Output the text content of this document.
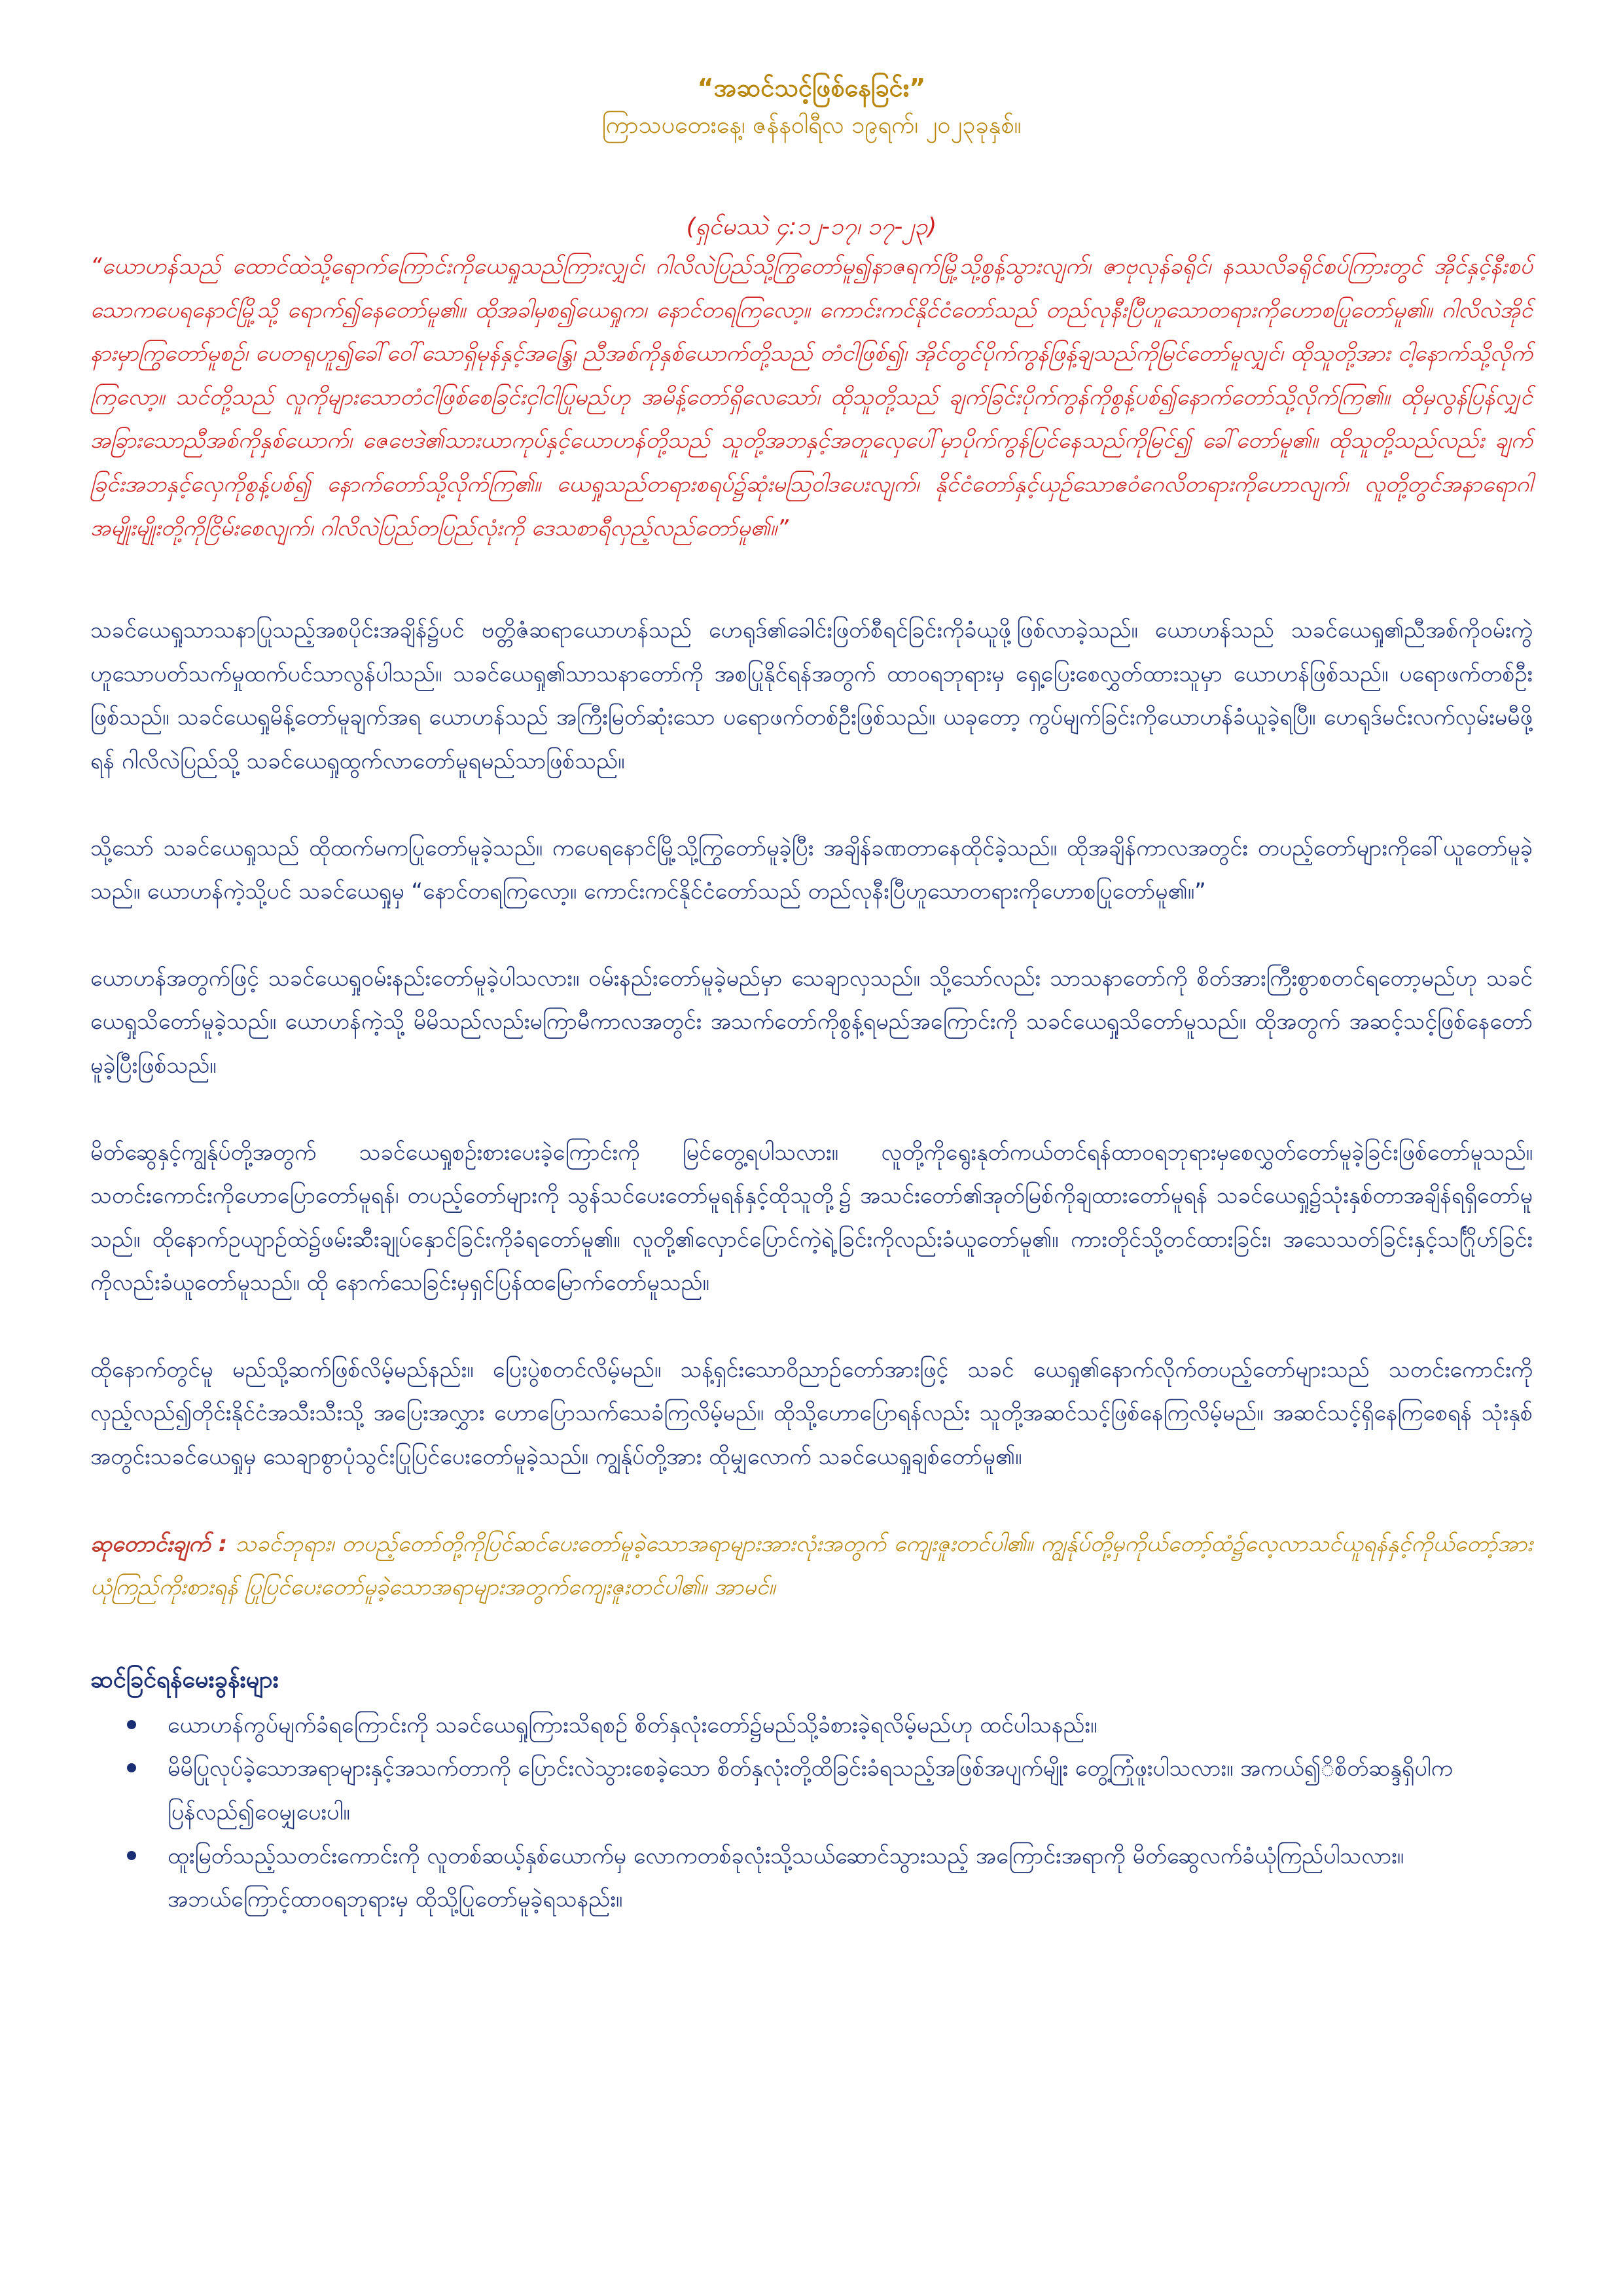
“အဆင်သင့်ဖြစ်နေခြင်း”
ကြာသပတေးနေ့၊ ဇန်နဝါရီလ ၁၉ရက်၊ ၂၀၂၃ခုနှစ်။
(ရှင်မဿဲ ၄:၁၂-၁၇၊ ၁၇-၂၃)

“ယောဟန်သည် ထောင်ထဲသို့ရောက်ကြောင်းကိုယေရှုသည်ကြားလျှင်၊ ဂါလိလဲပြည်သို့ကြွတော်မူ၍နာဇရက်မြို့သို့စွန့်သွားလျက်၊ ဇာဗုလုန်ခရိုင်၊ နဿလိခရိုင်စပ်ကြားတွင် အိုင်နှင့်နီးစပ်သောကပေရနောင်မြို့သို့ ရောက်၍နေတော်မူ၏။ ထိုအခါမှစ၍ယေရှုက၊ နောင်တရကြလော့။ ကောင်းကင်နိုင်ငံတော်သည် တည်လုနီးပြီဟူသောတရားကိုဟောစပြုတော်မူ၏။ ဂါလိလဲအိုင်နားမှာကြွတော်မူစဉ်၊ ပေတရုဟူ၍ခေါ်ဝေါ်သောရှိမုန်နှင့်အန္ဒြေ၊ ညီအစ်ကိုနှစ်ယောက်တို့သည် တံငါဖြစ်၍၊ အိုင်တွင်ပိုက်ကွန်ဖြန့်ချသည်ကိုမြင်တော်မူလျှင်၊ ထိုသူတို့အား ငါ့နောက်သို့လိုက်ကြလော့။ သင်တို့သည် လူကိုများသောတံငါဖြစ်စေခြင်းငှါငါပြုမည်ဟု အမိန့်တော်ရှိလေသော်၊ ထိုသူတို့သည် ချက်ခြင်းပိုက်ကွန်ကိုစွန့်ပစ်၍နောက်တော်သို့လိုက်ကြ၏။ ထိုမှလွန်ပြန်လျှင်အခြားသောညီအစ်ကိုနှစ်ယောက်၊ ဇေဗေဒဲ၏သားယာကုပ်နှင့်ယောဟန်တို့သည် သူတို့အဘနှင့်အတူလှေပေါ်မှာပိုက်ကွန်ပြင်နေသည်ကိုမြင်၍ ခေါ်တော်မူ၏။ ထိုသူတို့သည်လည်း ချက်ခြင်းအဘနှင့်လှေကိုစွန့်ပစ်၍ နောက်တော်သို့လိုက်ကြ၏။ ယေရှုသည်တရားစရပ်၌ဆုံးမဩဝါဒပေးလျက်၊ နိုင်ငံတော်နှင့်ယှဉ်သောဧဝံဂေလိတရားကိုဟောလျက်၊ လူတို့တွင်အနာရောဂါအမျိုးမျိုးတို့ကိုငြိမ်းစေလျက်၊ ဂါလိလဲပြည်တပြည်လုံးကို ဒေသစာရီလှည့်လည်တော်မူ၏။”

သခင်ယေရှုသာသနာပြုသည့်အစပိုင်းအချိန်၌ပင် ဗတ္တိဇံဆရာယောဟန်သည် ဟေရုဒ်၏ခေါင်းဖြတ်စီရင်ခြင်းကိုခံယူဖို့ဖြစ်လာခဲ့သည်။ ယောဟန်သည် သခင်ယေရှု၏ညီအစ်ကိုဝမ်းကွဲဟူသောပတ်သက်မှုထက်ပင်သာလွန်ပါသည်။ သခင်ယေရှု၏သာသနာတော်ကို အစပြုနိုင်ရန်အတွက် ထာဝရဘုရားမှ ရှေ့ပြေးစေလွှတ်ထားသူမှာ ယောဟန်ဖြစ်သည်။ ပရောဖက်တစ်ဦးဖြစ်သည်။ သခင်ယေရှုမိန့်တော်မူချက်အရ ယောဟန်သည် အကြီးမြတ်ဆုံးသော ပရောဖက်တစ်ဦးဖြစ်သည်။ ယခုတော့ ကွပ်မျက်ခြင်းကိုယောဟန်ခံယူခဲ့ရပြီ။ ဟေရုဒ်မင်းလက်လှမ်းမမီဖို့ရန် ဂါလိလဲပြည်သို့ သခင်ယေရှုထွက်လာတော်မူရမည်သာဖြစ်သည်။

သို့သော် သခင်ယေရှုသည် ထိုထက်မကပြုတော်မူခဲ့သည်။ ကပေရနောင်မြို့သို့ကြွတော်မူခဲ့ပြီး အချိန်ခဏတာနေထိုင်ခဲ့သည်။ ထိုအချိန်ကာလအတွင်း တပည့်တော်များကိုခေါ်ယူတော်မူခဲ့သည်။ ယောဟန်ကဲ့သို့ပင် သခင်ယေရှုမှ “နောင်တရကြလော့။ ကောင်းကင်နိုင်ငံတော်သည် တည်လုနီးပြီဟူသောတရားကိုဟောစပြုတော်မူ၏။”

ယောဟန်အတွက်ဖြင့် သခင်ယေရှုဝမ်းနည်းတော်မူခဲ့ပါသလား။ ဝမ်းနည်းတော်မူခဲ့မည်မှာ သေချာလှသည်။ သို့သော်လည်း သာသနာတော်ကို စိတ်အားကြီးစွာစတင်ရတော့မည်ဟု သခင်ယေရှုသိတော်မူခဲ့သည်။ ယောဟန်ကဲ့သို့ မိမိသည်လည်းမကြာမီကာလအတွင်း အသက်တော်ကိုစွန့်ရမည်အကြောင်းကို သခင်ယေရှုသိတော်မူသည်။ ထိုအတွက် အဆင့်သင့်ဖြစ်နေတော်မူခဲ့ပြီးဖြစ်သည်။

မိတ်ဆွေနှင့်ကျွန်ုပ်တို့အတွက် သခင်ယေရှုစဉ်းစားပေးခဲ့ကြောင်းကို မြင်တွေ့ရပါသလား။ လူတို့ကိုရွေးနုတ်ကယ်တင်ရန်ထာဝရဘုရားမှစေလွှတ်တော်မူခဲ့ခြင်းဖြစ်တော်မူသည်။ သတင်းကောင်းကိုဟောပြောတော်မူရန်၊ တပည့်တော်များကို သွန်သင်ပေးတော်မူရန်နှင့်ထိုသူတို့၌ အသင်းတော်၏အုတ်မြစ်ကိုချထားတော်မူရန် သခင်ယေရှု၌သုံးနှစ်တာအချိန်ရရှိတော်မူသည်။ ထိုနောက်ဥယျာဉ်ထဲ၌ဖမ်းဆီးချုပ်နှောင်ခြင်းကိုခံရတော်မူ၏။ လူတို့၏လှောင်ပြောင်ကဲ့ရဲ့ခြင်းကိုလည်းခံယူတော်မူ၏။ ကားတိုင်သို့တင်ထားခြင်း၊ အသေသတ်ခြင်းနှင့်သင်္ဂြိုဟ်ခြင်းကိုလည်းခံယူတော်မူသည်။ ထို နောက်သေခြင်းမှရှင်ပြန်ထမြောက်တော်မူသည်။

ထိုနောက်တွင်မူ မည်သို့ဆက်ဖြစ်လိမ့်မည်နည်း။ ပြေးပွဲစတင်လိမ့်မည်။ သန့်ရှင်းသောဝိညာဉ်တော်အားဖြင့် သခင် ယေရှု၏နောက်လိုက်တပည့်တော်များသည် သတင်းကောင်းကို လှည့်လည်၍တိုင်းနိုင်ငံအသီးသီးသို့ အပြေးအလွှား ဟောပြောသက်သေခံကြလိမ့်မည်။ ထိုသို့ဟောပြောရန်လည်း သူတို့အဆင်သင့်ဖြစ်နေကြလိမ့်မည်။ အဆင်သင့်ရှိနေကြစေရန် သုံးနှစ်အတွင်းသခင်ယေရှုမှ သေချာစွာပုံသွင်းပြုပြင်ပေးတော်မူခဲ့သည်။ ကျွန်ုပ်တို့အား ထိုမျှလောက် သခင်ယေရှုချစ်တော်မူ၏။

ဆုတောင်းချက် : သခင်ဘုရား၊ တပည့်တော်တို့ကိုပြင်ဆင်ပေးတော်မူခဲ့သောအရာများအားလုံးအတွက် ကျေးဇူးတင်ပါ၏။ ကျွန်ုပ်တို့မှကိုယ်တော့်ထံ၌လေ့လာသင်ယူရန်နှင့်ကိုယ်တော့်အားယုံကြည်ကိုးစားရန် ပြုပြင်ပေးတော်မူခဲ့သောအရာများအတွက်ကျေးဇူးတင်ပါ၏။ အာမင်။
ဆင်ခြင်ရန်မေးခွန်းများ
ယောဟန်ကွပ်မျက်ခံရကြောင်းကို သခင်ယေရှုကြားသိရစဉ် စိတ်နှလုံးတော်၌မည်သို့ခံစားခဲ့ရလိမ့်မည်ဟု ထင်ပါသနည်း။
မိမိပြုလုပ်ခဲ့သောအရာများနှင့်အသက်တာကို ပြောင်းလဲသွားစေခဲ့သော စိတ်နှလုံးတို့ထိခြင်းခံရသည့်အဖြစ်အပျက်မျိုး တွေ့ကြုံဖူးပါသလား။ အကယ်၍ိစိတ်ဆန္ဒရှိပါက ပြန်လည်၍ဝေမျှပေးပါ။
ထူးမြတ်သည့်သတင်းကောင်းကို လူတစ်ဆယ့်နှစ်ယောက်မှ လောကတစ်ခုလုံးသို့သယ်ဆောင်သွားသည့် အကြောင်းအရာကို မိတ်ဆွေလက်ခံယုံကြည်ပါသလား။ အဘယ်ကြောင့်ထာဝရဘုရားမှ ထိုသို့ပြုတော်မူခဲ့ရသနည်း။
